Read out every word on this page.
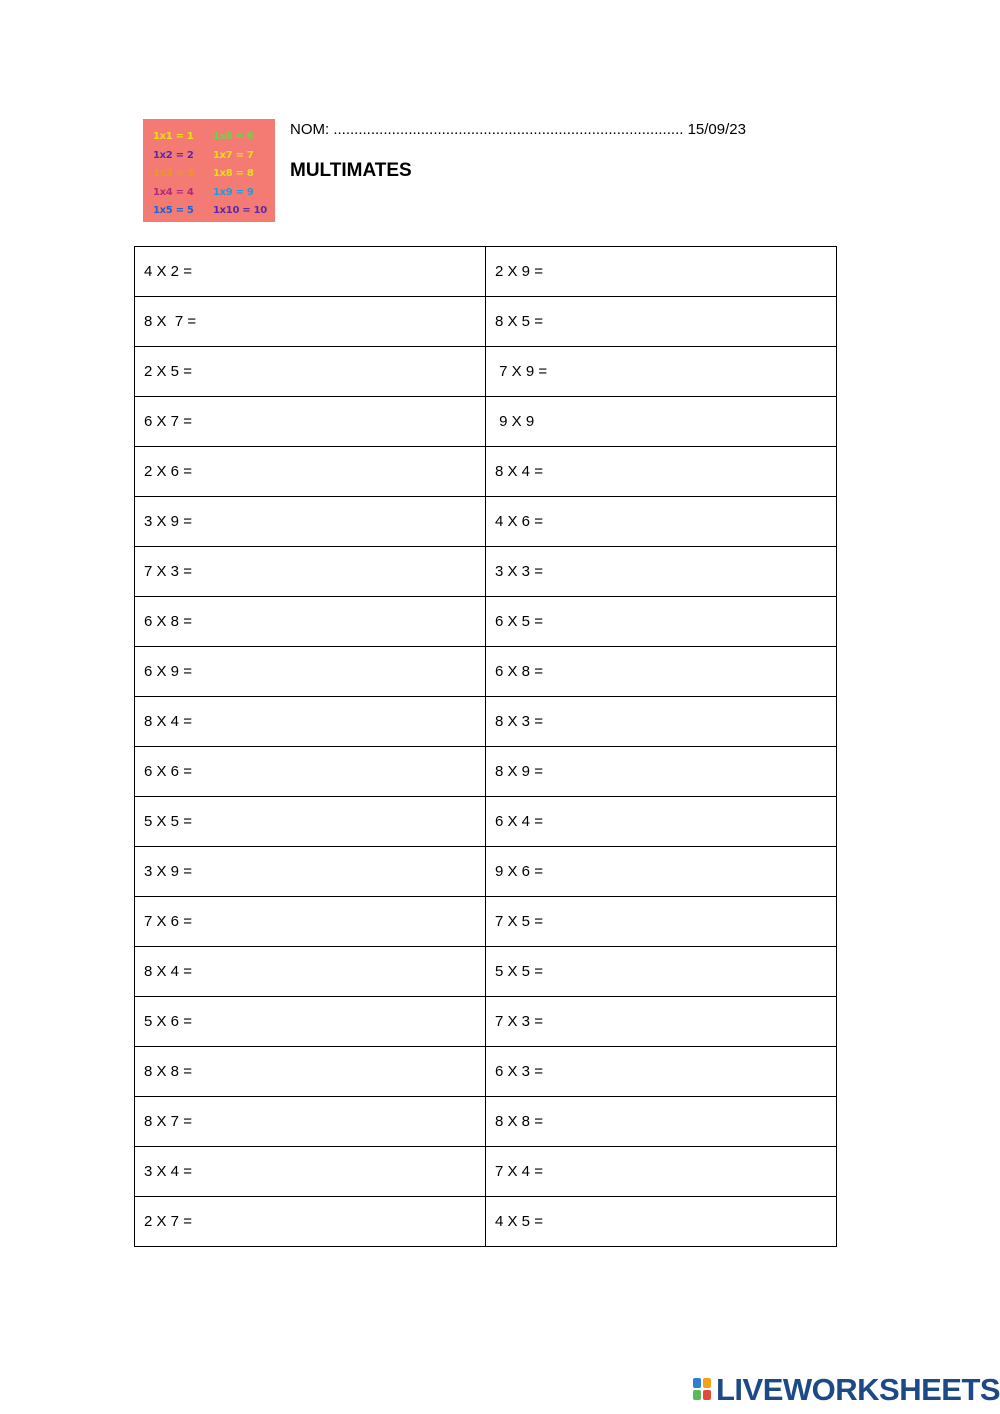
1x1 = 1	1x6 = 6
1x2 = 2	1x7 = 7
1x3 = 3	1x8 = 8
1x4 = 4	1x9 = 9
1x5 = 5	1x10 = 10
NOM: .................................................................................... 15/09/23
MULTIMATES
4 X 2 =	2 X 9 =
8 X  7 =	8 X 5 =
2 X 5 =	7 X 9 =
6 X 7 =	9 X 9
2 X 6 =	8 X 4 =
3 X 9 =	4 X 6 =
7 X 3 =	3 X 3 =
6 X 8 =	6 X 5 =
6 X 9 =	6 X 8 =
8 X 4 =	8 X 3 =
6 X 6 =	8 X 9 =
5 X 5 =	6 X 4 =
3 X 9 =	9 X 6 =
7 X 6 =	7 X 5 =
8 X 4 =	5 X 5 =
5 X 6 =	7 X 3 =
8 X 8 =	6 X 3 =
8 X 7 =	8 X 8 =
3 X 4 =	7 X 4 =
2 X 7 =	4 X 5 =
LIVEWORKSHEETS
